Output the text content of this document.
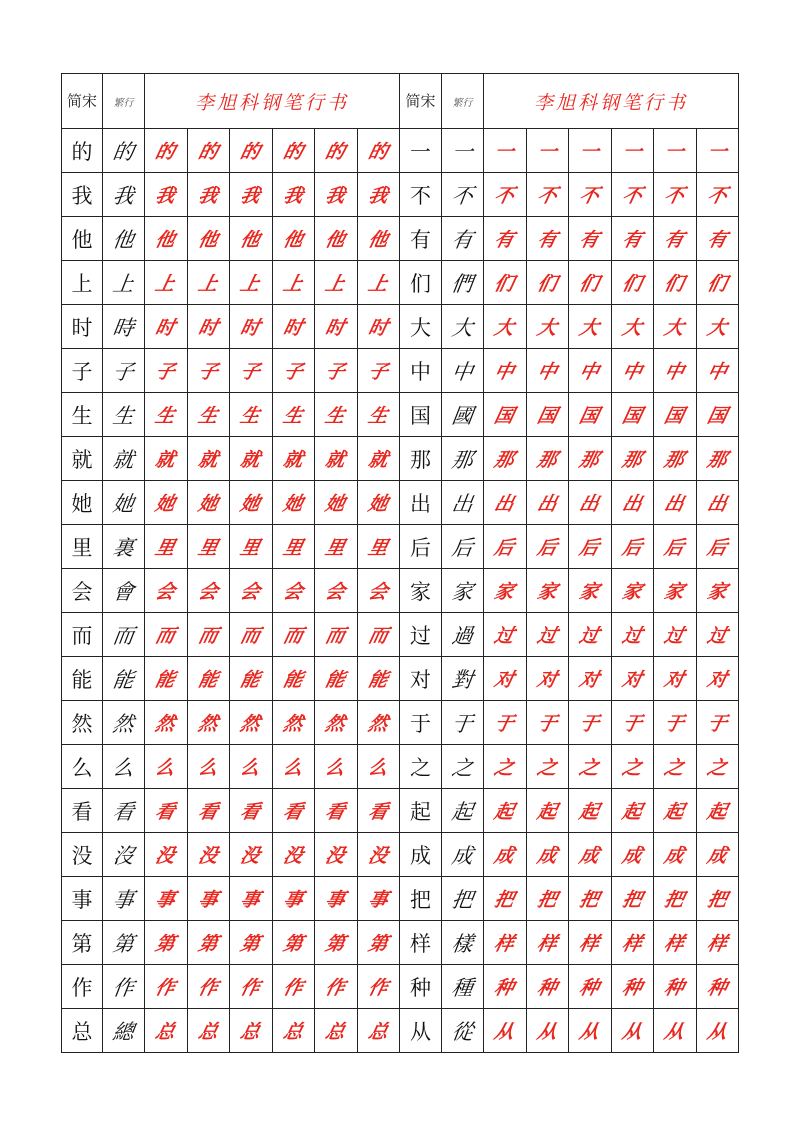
简宋	繁行	李旭科钢笔行书						简宋	繁行	李旭科钢笔行书					
的	的	的	的	的	的	的	的	一	一	一	一	一	一	一	一
我	我	我	我	我	我	我	我	不	不	不	不	不	不	不	不
他	他	他	他	他	他	他	他	有	有	有	有	有	有	有	有
上	上	上	上	上	上	上	上	们	們	们	们	们	们	们	们
时	時	时	时	时	时	时	时	大	大	大	大	大	大	大	大
子	子	子	子	子	子	子	子	中	中	中	中	中	中	中	中
生	生	生	生	生	生	生	生	国	國	国	国	国	国	国	国
就	就	就	就	就	就	就	就	那	那	那	那	那	那	那	那
她	她	她	她	她	她	她	她	出	出	出	出	出	出	出	出
里	裏	里	里	里	里	里	里	后	后	后	后	后	后	后	后
会	會	会	会	会	会	会	会	家	家	家	家	家	家	家	家
而	而	而	而	而	而	而	而	过	過	过	过	过	过	过	过
能	能	能	能	能	能	能	能	对	對	对	对	对	对	对	对
然	然	然	然	然	然	然	然	于	于	于	于	于	于	于	于
么	么	么	么	么	么	么	么	之	之	之	之	之	之	之	之
看	看	看	看	看	看	看	看	起	起	起	起	起	起	起	起
没	沒	没	没	没	没	没	没	成	成	成	成	成	成	成	成
事	事	事	事	事	事	事	事	把	把	把	把	把	把	把	把
第	第	第	第	第	第	第	第	样	樣	样	样	样	样	样	样
作	作	作	作	作	作	作	作	种	種	种	种	种	种	种	种
总	總	总	总	总	总	总	总	从	從	从	从	从	从	从	从
